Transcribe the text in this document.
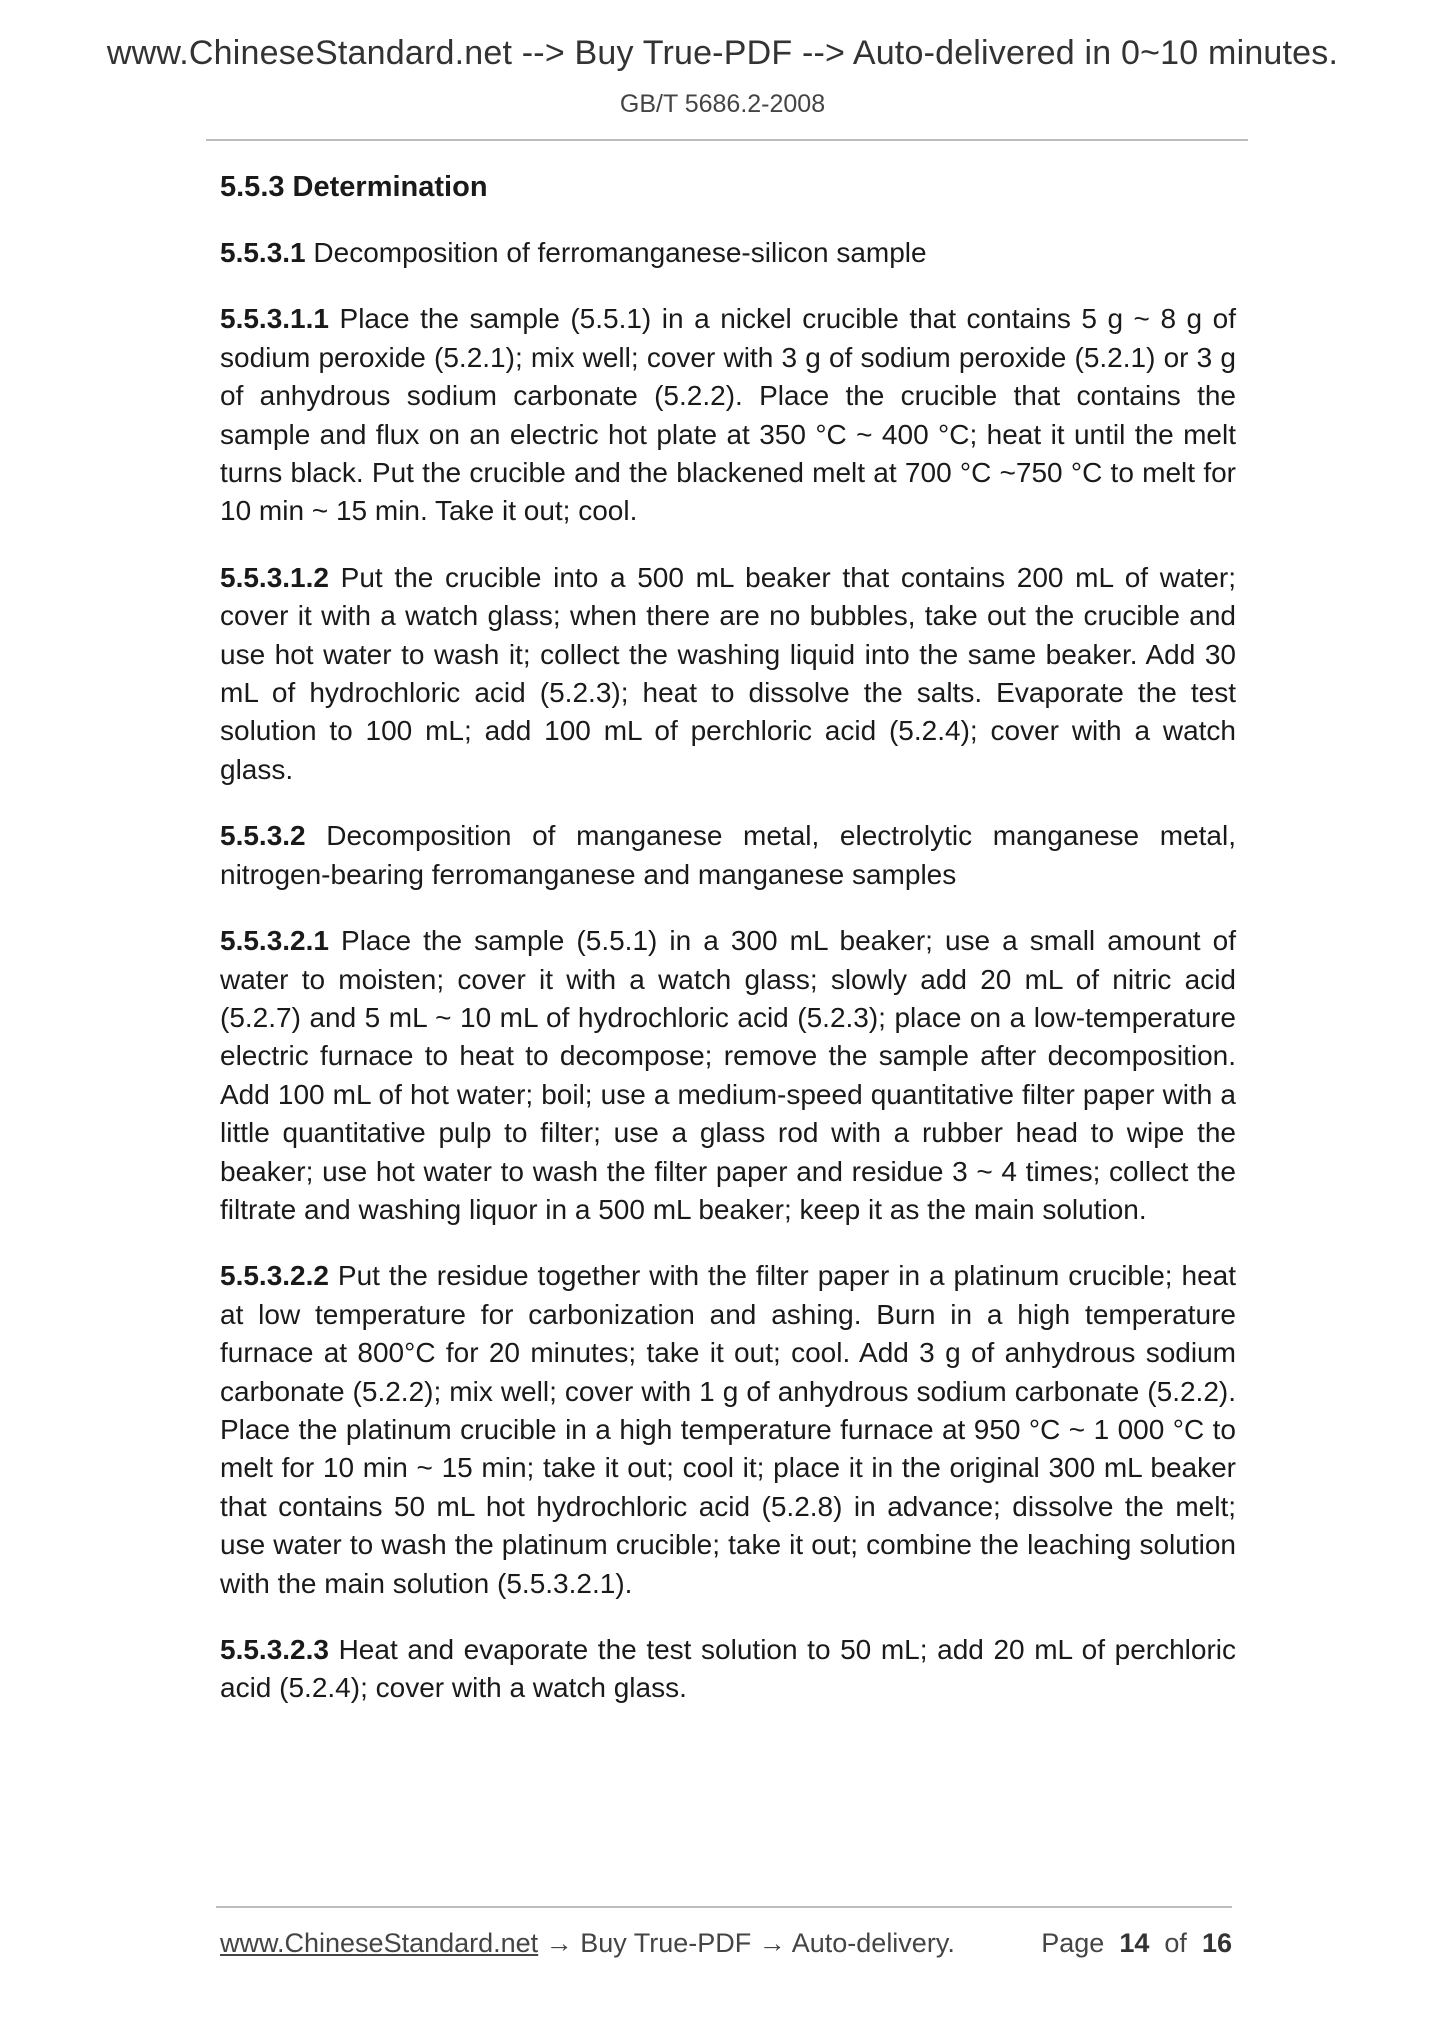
www.ChineseStandard.net --> Buy True-PDF --> Auto-delivered in 0~10 minutes.
GB/T 5686.2-2008
5.5.3 Determination

5.5.3.1 Decomposition of ferromanganese-silicon sample

5.5.3.1.1 Place the sample (5.5.1) in a nickel crucible that contains 5 g ~ 8 g of sodium peroxide (5.2.1); mix well; cover with 3 g of sodium peroxide (5.2.1) or 3 g of anhydrous sodium carbonate (5.2.2). Place the crucible that contains the sample and flux on an electric hot plate at 350 °C ~ 400 °C; heat it until the melt turns black. Put the crucible and the blackened melt at 700 °C ~750 °C to melt for 10 min ~ 15 min. Take it out; cool.

5.5.3.1.2 Put the crucible into a 500 mL beaker that contains 200 mL of water; cover it with a watch glass; when there are no bubbles, take out the crucible and use hot water to wash it; collect the washing liquid into the same beaker. Add 30 mL of hydrochloric acid (5.2.3); heat to dissolve the salts. Evaporate the test solution to 100 mL; add 100 mL of perchloric acid (5.2.4); cover with a watch glass.

5.5.3.2 Decomposition of manganese metal, electrolytic manganese metal, nitrogen-bearing ferromanganese and manganese samples

5.5.3.2.1 Place the sample (5.5.1) in a 300 mL beaker; use a small amount of water to moisten; cover it with a watch glass; slowly add 20 mL of nitric acid (5.2.7) and 5 mL ~ 10 mL of hydrochloric acid (5.2.3); place on a low-temperature electric furnace to heat to decompose; remove the sample after decomposition. Add 100 mL of hot water; boil; use a medium-speed quantitative filter paper with a little quantitative pulp to filter; use a glass rod with a rubber head to wipe the beaker; use hot water to wash the filter paper and residue 3 ~ 4 times; collect the filtrate and washing liquor in a 500 mL beaker; keep it as the main solution.

5.5.3.2.2 Put the residue together with the filter paper in a platinum crucible; heat at low temperature for carbonization and ashing. Burn in a high temperature furnace at 800°C for 20 minutes; take it out; cool. Add 3 g of anhydrous sodium carbonate (5.2.2); mix well; cover with 1 g of anhydrous sodium carbonate (5.2.2). Place the platinum crucible in a high temperature furnace at 950 °C ~ 1 000 °C to melt for 10 min ~ 15 min; take it out; cool it; place it in the original 300 mL beaker that contains 50 mL hot hydrochloric acid (5.2.8) in advance; dissolve the melt; use water to wash the platinum crucible; take it out; combine the leaching solution with the main solution (5.5.3.2.1).

5.5.3.2.3 Heat and evaporate the test solution to 50 mL; add 20 mL of perchloric acid (5.2.4); cover with a watch glass.

www.ChineseStandard.net → Buy True-PDF → Auto-delivery.	Page 14 of 16
